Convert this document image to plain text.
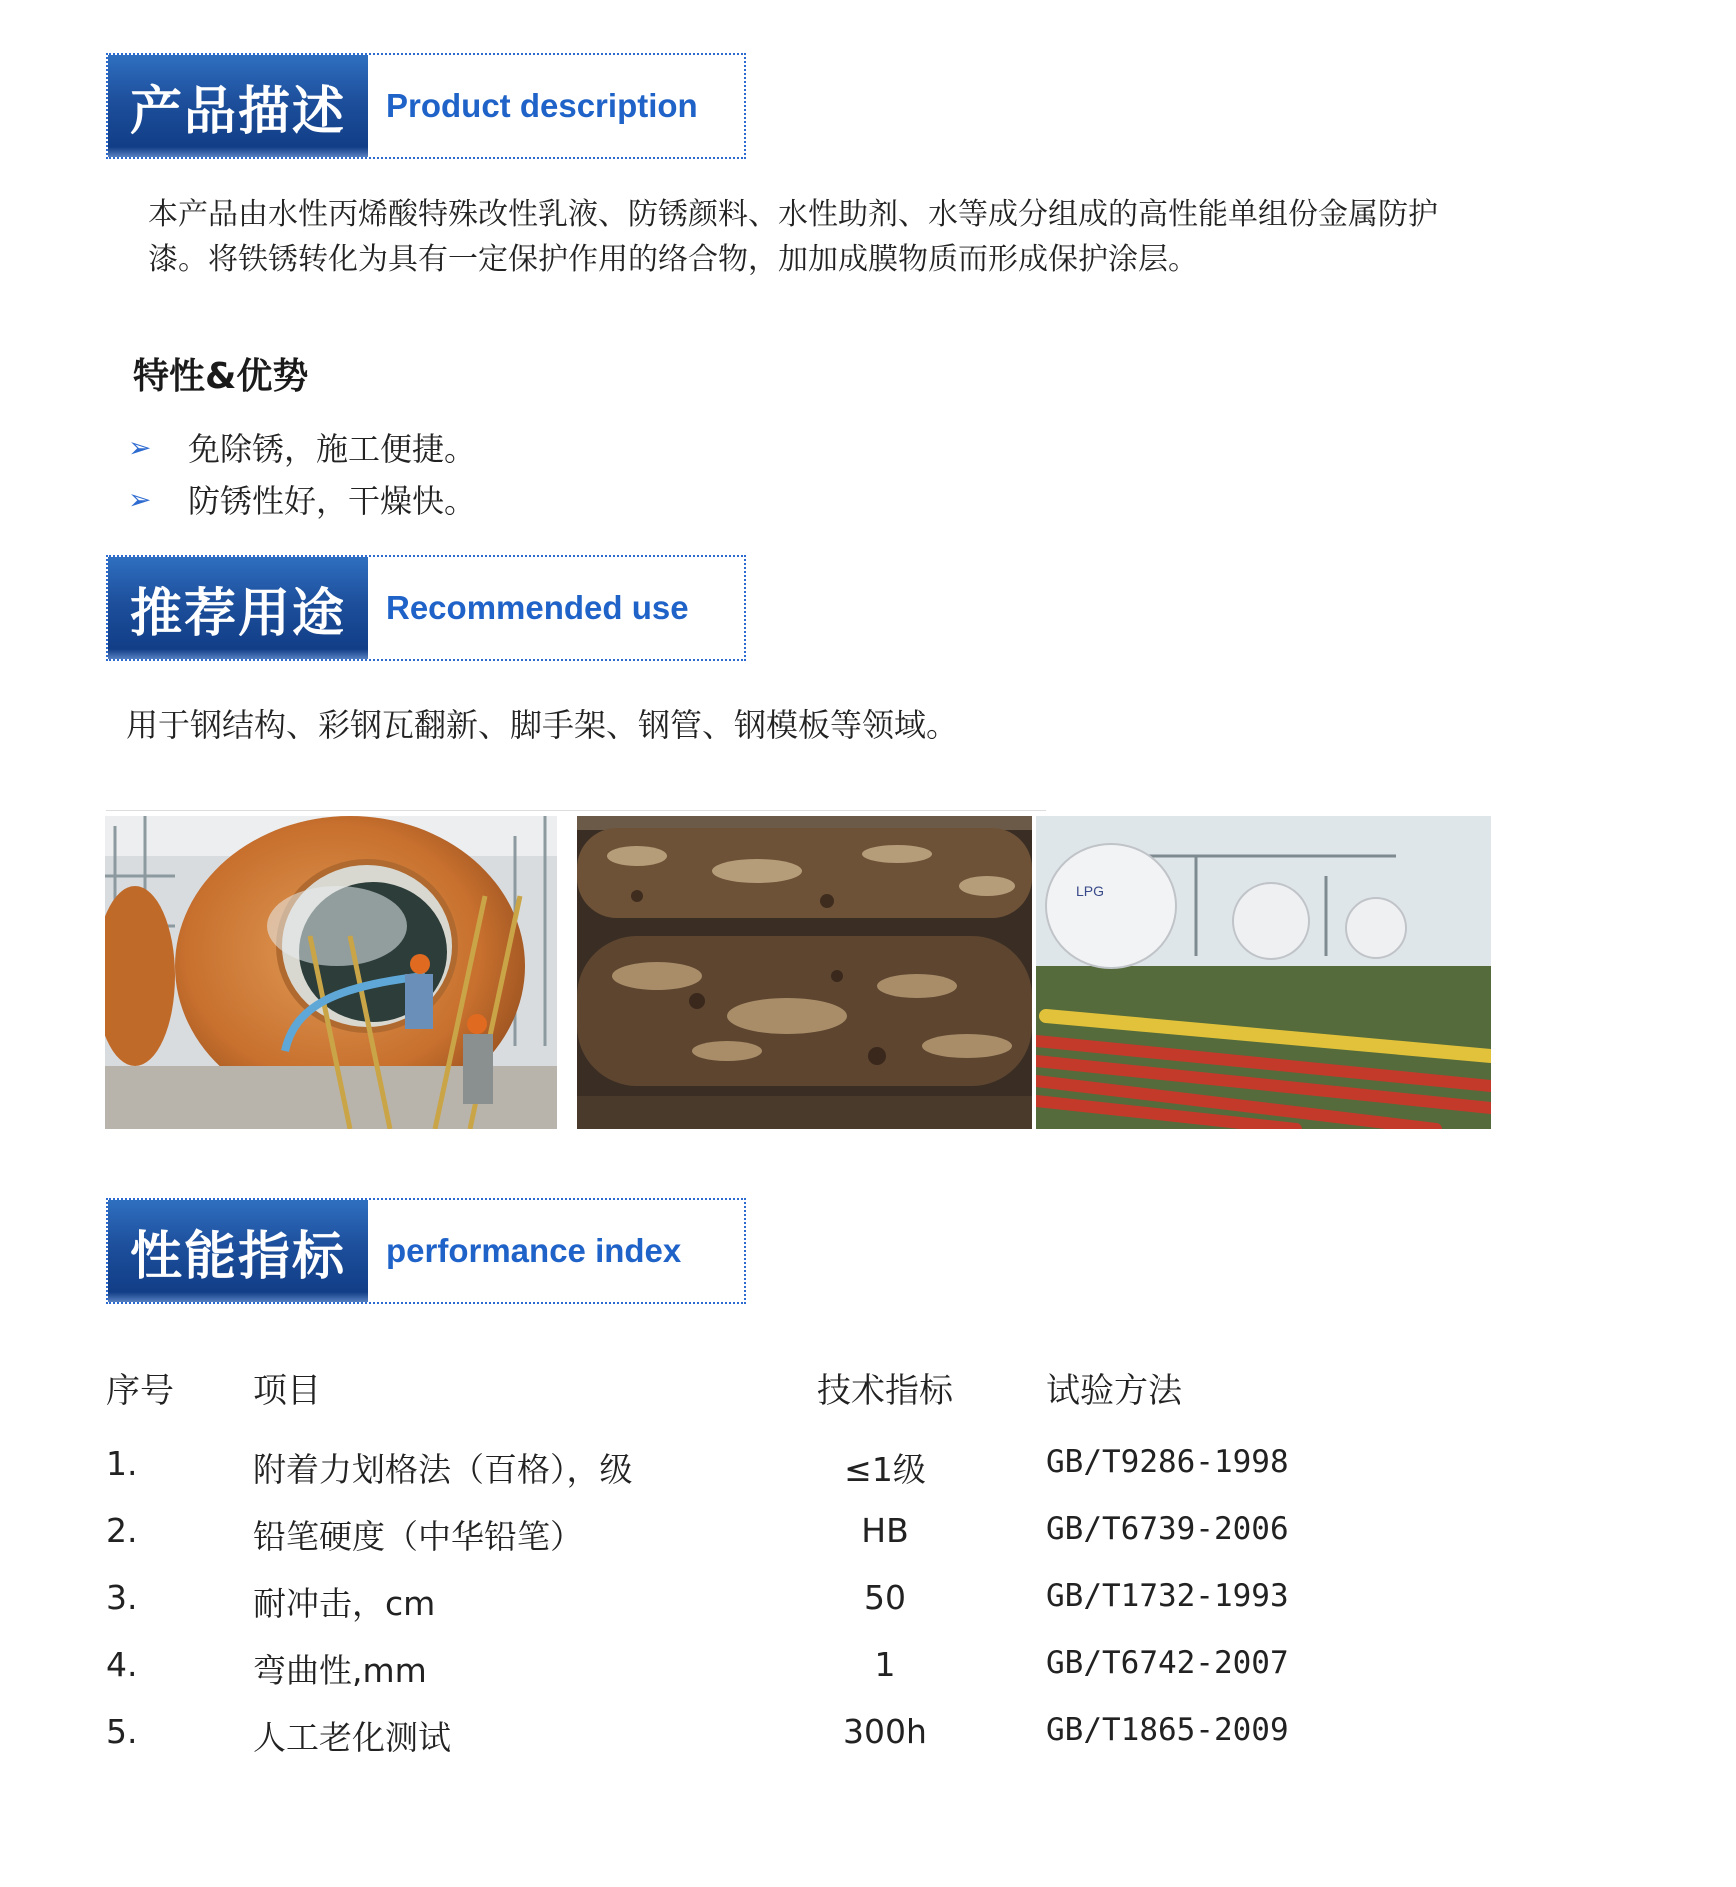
产品描述	Product description
本产品由水性丙烯酸特殊改性乳液、防锈颜料、水性助剂、水等成分组成的高性能单组份金属防护
漆。将铁锈转化为具有一定保护作用的络合物，加加成膜物质而形成保护涂层。
特性&优势
➢	免除锈，施工便捷。
➢	防锈性好，干燥快。
推荐用途	Recommended use
用于钢结构、彩钢瓦翻新、脚手架、钢管、钢模板等领域。
LPG
性能指标	performance index
序号 项目	技术指标	试验方法
1.	附着力划格法（百格），级	≤1级	GB/T9286-1998
2.	铅笔硬度（中华铅笔）	HB	GB/T6739-2006
3.	耐冲击，cm	50	GB/T1732-1993
4.	弯曲性,mm	1	GB/T6742-2007
5.	人工老化测试	300h	GB/T1865-2009
